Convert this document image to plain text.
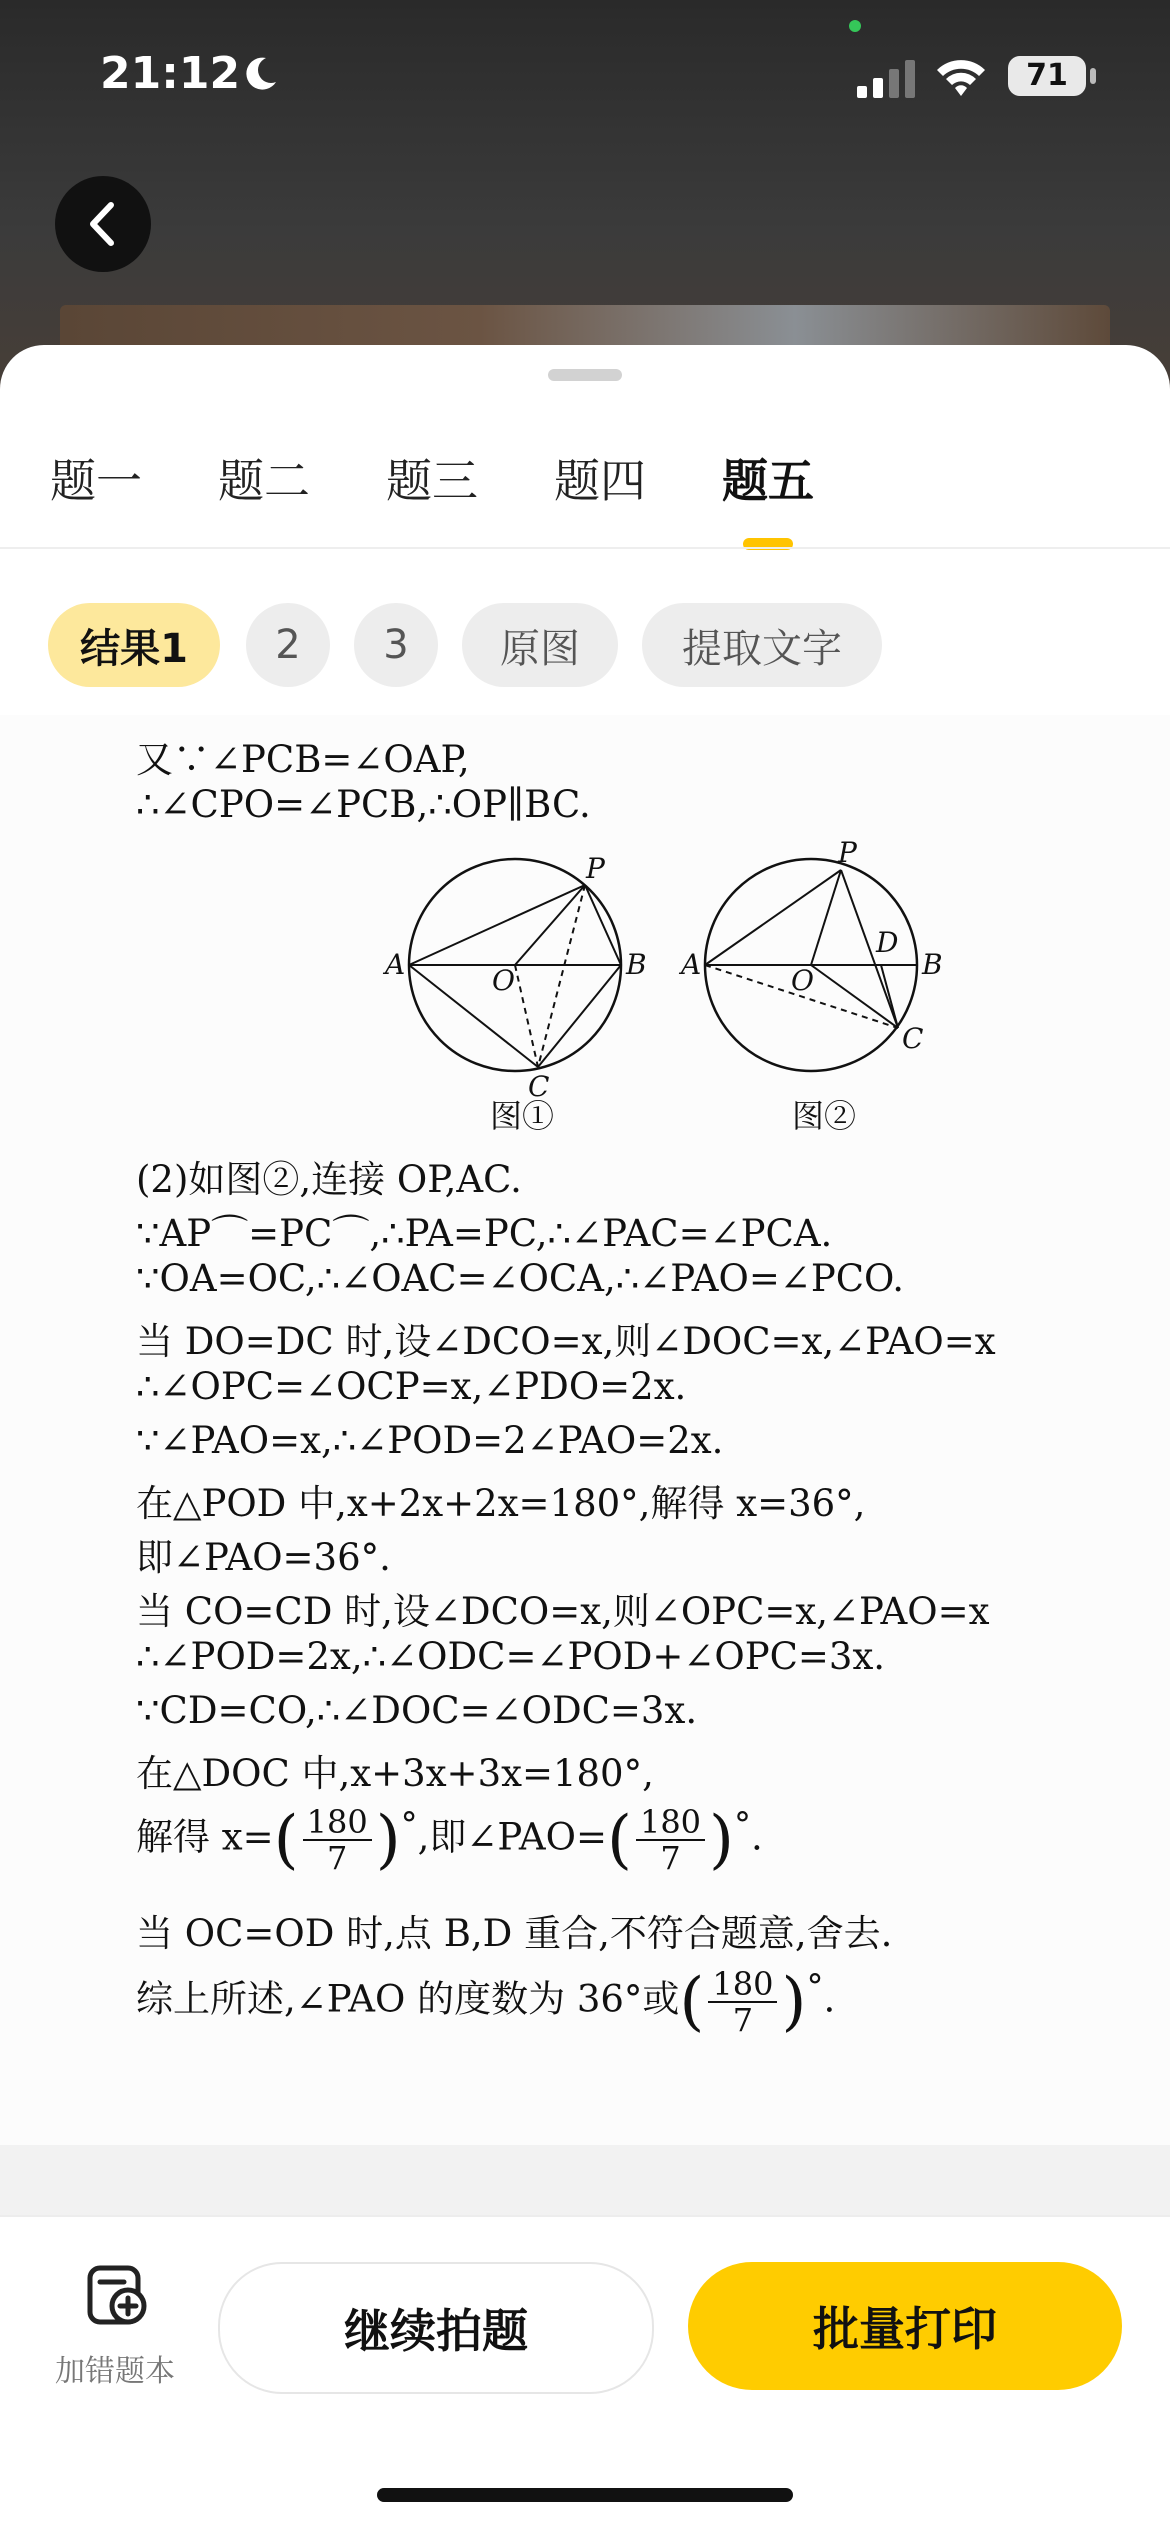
21:12	71
题一 题二 题三 题四 题五
结果1	2	3	原图	提取文字
又∵∠PCB=∠OAP,
∴∠CPO=∠PCB,∴OP∥BC.
A	O	B
P
C
图①
A	O
D
B
P
C
图②
(2)如图②,连接 OP,AC.
∵AP⌒=PC⌒,∴PA=PC,∴∠PAC=∠PCA.
∵OA=OC,∴∠OAC=∠OCA,∴∠PAO=∠PCO.
当 DO=DC 时,设∠DCO=x,则∠DOC=x,∠PAO=x
∴∠OPC=∠OCP=x,∠PDO=2x.
∵∠PAO=x,∴∠POD=2∠PAO=2x.
在△POD 中,x+2x+2x=180°,解得 x=36°,
即∠PAO=36°.
当 CO=CD 时,设∠DCO=x,则∠OPC=x,∠PAO=x
∴∠POD=2x,∴∠ODC=∠POD+∠OPC=3x.
∵CD=CO,∴∠DOC=∠ODC=3x.
在△DOC 中,x+3x+3x=180°,
解得 $x=( \frac{180}{7}$ )°,即∠PAO=( $\frac{180}{7}$ )°.
当 OC=OD 时,点 B,D 重合,不符合题意,舍去.
综上所述,∠PAO 的度数为 36°或( $\frac{180}{7}$ )°.
加错题本
继续拍题	批量打印
